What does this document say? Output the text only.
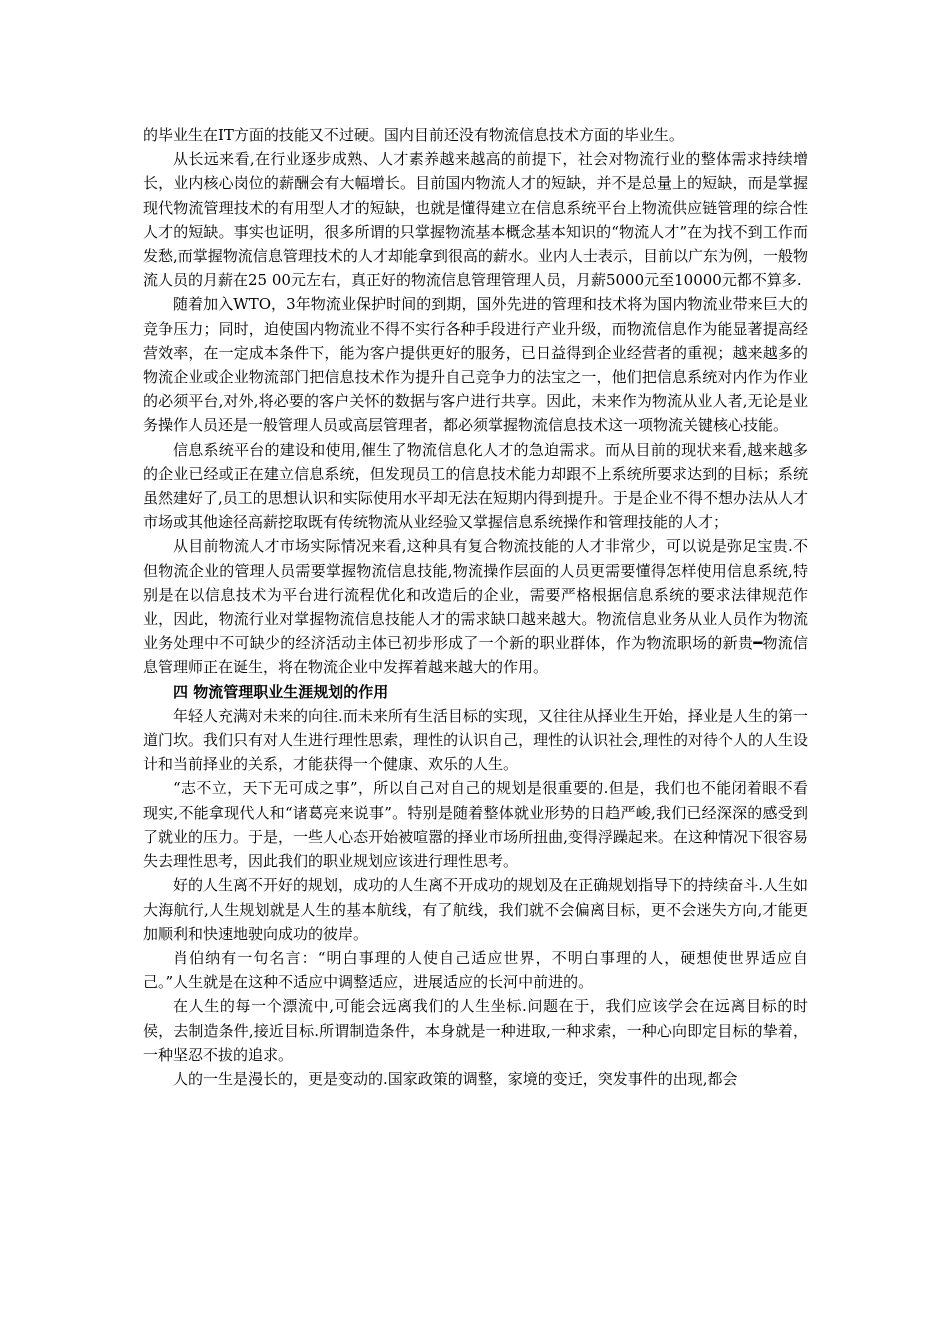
的毕业生在IT方面的技能又不过硬。国内目前还没有物流信息技术方面的毕业生。

从长远来看,在行业逐步成熟、人才素养越来越高的前提下，社会对物流行业的整体需求持续增长，业内核心岗位的薪酬会有大幅增长。目前国内物流人才的短缺，并不是总量上的短缺，而是掌握现代物流管理技术的有用型人才的短缺，也就是懂得建立在信息系统平台上物流供应链管理的综合性人才的短缺。事实也证明，很多所谓的只掌握物流基本概念基本知识的“物流人才”在为找不到工作而发愁,而掌握物流信息管理技术的人才却能拿到很高的薪水。业内人士表示，目前以广东为例，一般物流人员的月薪在25 00元左右，真正好的物流信息管理管理人员，月薪5000元至10000元都不算多.

随着加入WTO，3年物流业保护时间的到期，国外先进的管理和技术将为国内物流业带来巨大的竞争压力；同时，迫使国内物流业不得不实行各种手段进行产业升级，而物流信息作为能显著提高经营效率，在一定成本条件下，能为客户提供更好的服务，已日益得到企业经营者的重视；越来越多的物流企业或企业物流部门把信息技术作为提升自己竞争力的法宝之一，他们把信息系统对内作为作业的必须平台,对外,将必要的客户关怀的数据与客户进行共享。因此，未来作为物流从业人者,无论是业务操作人员还是一般管理人员或高层管理者，都必须掌握物流信息技术这一项物流关键核心技能。

信息系统平台的建设和使用,催生了物流信息化人才的急迫需求。而从目前的现状来看,越来越多的企业已经或正在建立信息系统，但发现员工的信息技术能力却跟不上系统所要求达到的目标；系统虽然建好了,员工的思想认识和实际使用水平却无法在短期内得到提升。于是企业不得不想办法从人才市场或其他途径高薪挖取既有传统物流从业经验又掌握信息系统操作和管理技能的人才；

从目前物流人才市场实际情况来看,这种具有复合物流技能的人才非常少，可以说是弥足宝贵.不但物流企业的管理人员需要掌握物流信息技能,物流操作层面的人员更需要懂得怎样使用信息系统,特别是在以信息技术为平台进行流程优化和改造后的企业，需要严格根据信息系统的要求法律规范作业，因此，物流行业对掌握物流信息技能人才的需求缺口越来越大。物流信息业务从业人员作为物流业务处理中不可缺少的经济活动主体已初步形成了一个新的职业群体，作为物流职场的新贵━物流信息管理师正在诞生，将在物流企业中发挥着越来越大的作用。

四 物流管理职业生涯规划的作用

年轻人充满对未来的向往.而未来所有生活目标的实现，又往往从择业生开始，择业是人生的第一道门坎。我们只有对人生进行理性思索，理性的认识自己，理性的认识社会,理性的对待个人的人生设计和当前择业的关系，才能获得一个健康、欢乐的人生。

“志不立，天下无可成之事”，所以自己对自己的规划是很重要的.但是，我们也不能闭着眼不看现实,不能拿现代人和“诸葛亮来说事”。特别是随着整体就业形势的日趋严峻,我们已经深深的感受到了就业的压力。于是，一些人心态开始被喧嚣的择业市场所扭曲,变得浮躁起来。在这种情况下很容易失去理性思考，因此我们的职业规划应该进行理性思考。

好的人生离不开好的规划，成功的人生离不开成功的规划及在正确规划指导下的持续奋斗.人生如大海航行,人生规划就是人生的基本航线，有了航线，我们就不会偏离目标，更不会迷失方向,才能更加顺利和快速地驶向成功的彼岸。

肖伯纳有一句名言：“明白事理的人使自己适应世界，不明白事理的人，硬想使世界适应自己。”人生就是在这种不适应中调整适应，进展适应的长河中前进的。

在人生的每一个漂流中,可能会远离我们的人生坐标.问题在于，我们应该学会在远离目标的时侯，去制造条件,接近目标.所谓制造条件，本身就是一种进取,一种求索，一种心向即定目标的挚着，一种坚忍不拔的追求。

人的一生是漫长的，更是变动的.国家政策的调整，家境的变迁，突发事件的出现,都会
